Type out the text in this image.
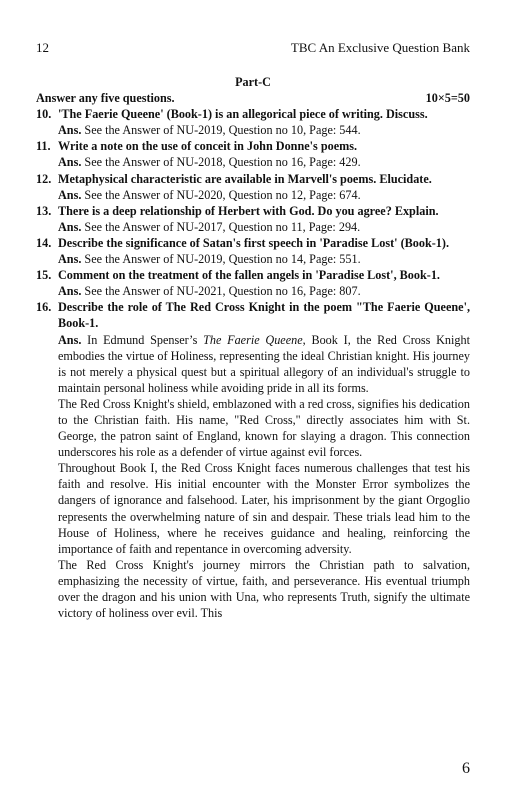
12	TBC An Exclusive Question Bank
Part-C
Answer any five questions.	10×5=50
10. 'The Faerie Queene' (Book-1) is an allegorical piece of writing. Discuss.
Ans. See the Answer of NU-2019, Question no 10, Page: 544.
11. Write a note on the use of conceit in John Donne's poems.
Ans. See the Answer of NU-2018, Question no 16, Page: 429.
12. Metaphysical characteristic are available in Marvell's poems. Elucidate.
Ans. See the Answer of NU-2020, Question no 12, Page: 674.
13. There is a deep relationship of Herbert with God. Do you agree? Explain.
Ans. See the Answer of NU-2017, Question no 11, Page: 294.
14. Describe the significance of Satan's first speech in 'Paradise Lost' (Book-1).
Ans. See the Answer of NU-2019, Question no 14, Page: 551.
15. Comment on the treatment of the fallen angels in 'Paradise Lost', Book-1.
Ans. See the Answer of NU-2021, Question no 16, Page: 807.
16. Describe the role of The Red Cross Knight in the poem "The Faerie Queene', Book-1.
Ans. In Edmund Spenser’s The Faerie Queene, Book I, the Red Cross Knight embodies the virtue of Holiness, representing the ideal Christian knight. His journey is not merely a physical quest but a spiritual allegory of an individual's struggle to maintain personal holiness while avoiding pride in all its forms.
The Red Cross Knight's shield, emblazoned with a red cross, signifies his dedication to the Christian faith. His name, "Red Cross," directly associates him with St. George, the patron saint of England, known for slaying a dragon. This connection underscores his role as a defender of virtue against evil forces.
Throughout Book I, the Red Cross Knight faces numerous challenges that test his faith and resolve. His initial encounter with the Monster Error symbolizes the dangers of ignorance and falsehood. Later, his imprisonment by the giant Orgoglio represents the overwhelming nature of sin and despair. These trials lead him to the House of Holiness, where he receives guidance and healing, reinforcing the importance of faith and repentance in overcoming adversity.
The Red Cross Knight's journey mirrors the Christian path to salvation, emphasizing the necessity of virtue, faith, and perseverance. His eventual triumph over the dragon and his union with Una, who represents Truth, signify the ultimate victory of holiness over evil. This
6
